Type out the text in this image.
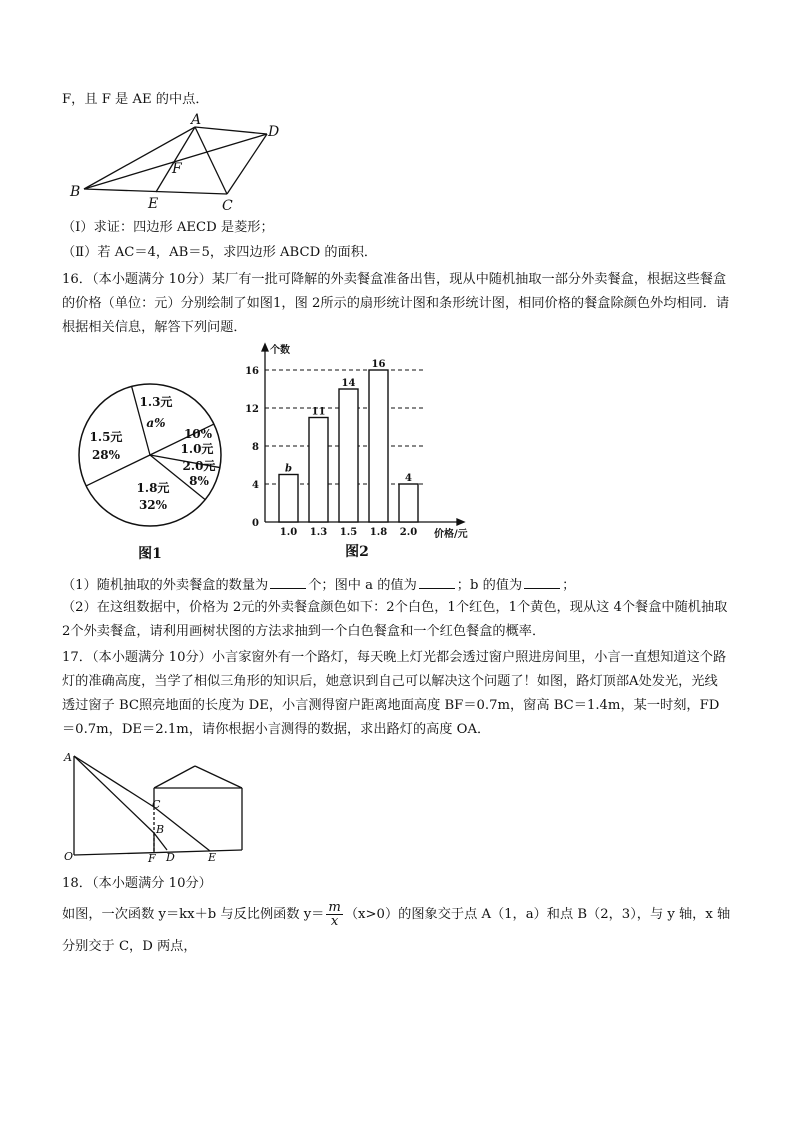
F，且 F 是 AE 的中点．
A
B
C
D
E
F
（Ⅰ）求证：四边形 AECD 是菱形；
（Ⅱ）若 AC＝4，AB＝5，求四边形 ABCD 的面积．
16．（本小题满分 10分）某厂有一批可降解的外卖餐盒准备出售，现从中随机抽取一部分外卖餐盒，根据这些餐盒的价格（单位：元）分别绘制了如图1，图 2所示的扇形统计图和条形统计图，相同价格的餐盒除颜色外均相同．请根据相关信息，解答下列问题．
1.3元
a%
10%
1.0元
2.0元
8%
1.8元
32%
1.5元
28%
图1
0
4
8
12
16
b
1.0
11
1.3
14
1.5
16
1.8
4
2.0
个数
价格/元
图2
（1）随机抽取的外卖餐盒的数量为	个；图中 a 的值为	；b 的值为	；
（2）在这组数据中，价格为 2元的外卖餐盒颜色如下：2个白色，1个红色，1个黄色，现从这 4个餐盒中随机抽取 2个外卖餐盒，请利用画树状图的方法求抽到一个白色餐盒和一个红色餐盒的概率．
17．（本小题满分 10分）小言家窗外有一个路灯，每天晚上灯光都会透过窗户照进房间里，小言一直想知道这个路灯的准确高度，当学了相似三角形的知识后，她意识到自己可以解决这个问题了！如图，路灯顶部A处发光，光线透过窗子 BC照亮地面的长度为 DE，小言测得窗户距离地面高度 BF＝0.7m，窗高 BC＝1.4m，某一时刻，FD＝0.7m，DE＝2.1m，请你根据小言测得的数据，求出路灯的高度 OA．
A
O
C
B
F D	E
18．（本小题满分 10分）
如图，一次函数 y＝kx＋b 与反比例函数 $y= \frac{m}{x} (x>0)$的图象交于点 A（1，a）和点 B（2，3），与 y 轴，x 轴
分别交于 C，D 两点，
